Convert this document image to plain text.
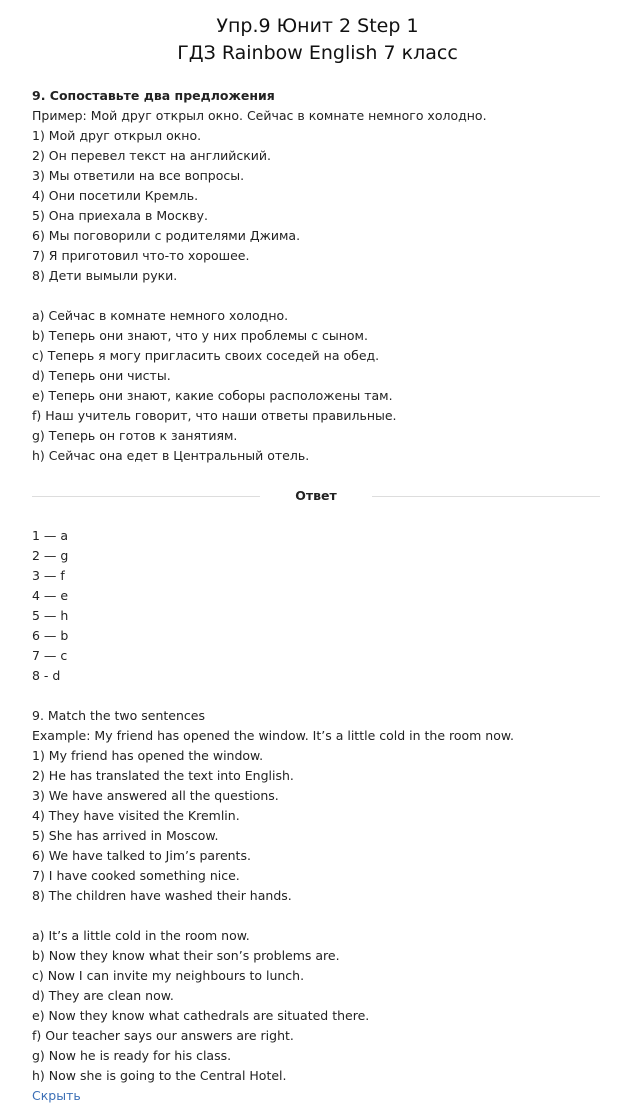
Упр.9 Юнит 2 Step 1
ГДЗ Rainbow English 7 класс
9. Сопоставьте два предложения
Пример: Мой друг открыл окно. Сейчас в комнате немного холодно.
1) Мой друг открыл окно.
2) Он перевел текст на английский.
3) Мы ответили на все вопросы.
4) Они посетили Кремль.
5) Она приехала в Москву.
6) Мы поговорили с родителями Джима.
7) Я приготовил что-то хорошее.
8) Дети вымыли руки.
a) Сейчас в комнате немного холодно.
b) Теперь они знают, что у них проблемы с сыном.
c) Теперь я могу пригласить своих соседей на обед.
d) Теперь они чисты.
e) Теперь они знают, какие соборы расположены там.
f) Наш учитель говорит, что наши ответы правильные.
g) Теперь он готов к занятиям.
h) Сейчас она едет в Центральный отель.
Ответ
1 — a
2 — g
3 — f
4 — e
5 — h
6 — b
7 — c
8 - d
9. Match the two sentences
Example: My friend has opened the window. It’s a little cold in the room now.
1) My friend has opened the window.
2) He has translated the text into English.
3) We have answered all the questions.
4) They have visited the Kremlin.
5) She has arrived in Moscow.
6) We have talked to Jim’s parents.
7) I have cooked something nice.
8) The children have washed their hands.
a) It’s a little cold in the room now.
b) Now they know what their son’s problems are.
c) Now I can invite my neighbours to lunch.
d) They are clean now.
e) Now they know what cathedrals are situated there.
f) Our teacher says our answers are right.
g) Now he is ready for his class.
h) Now she is going to the Central Hotel.
Скрыть
